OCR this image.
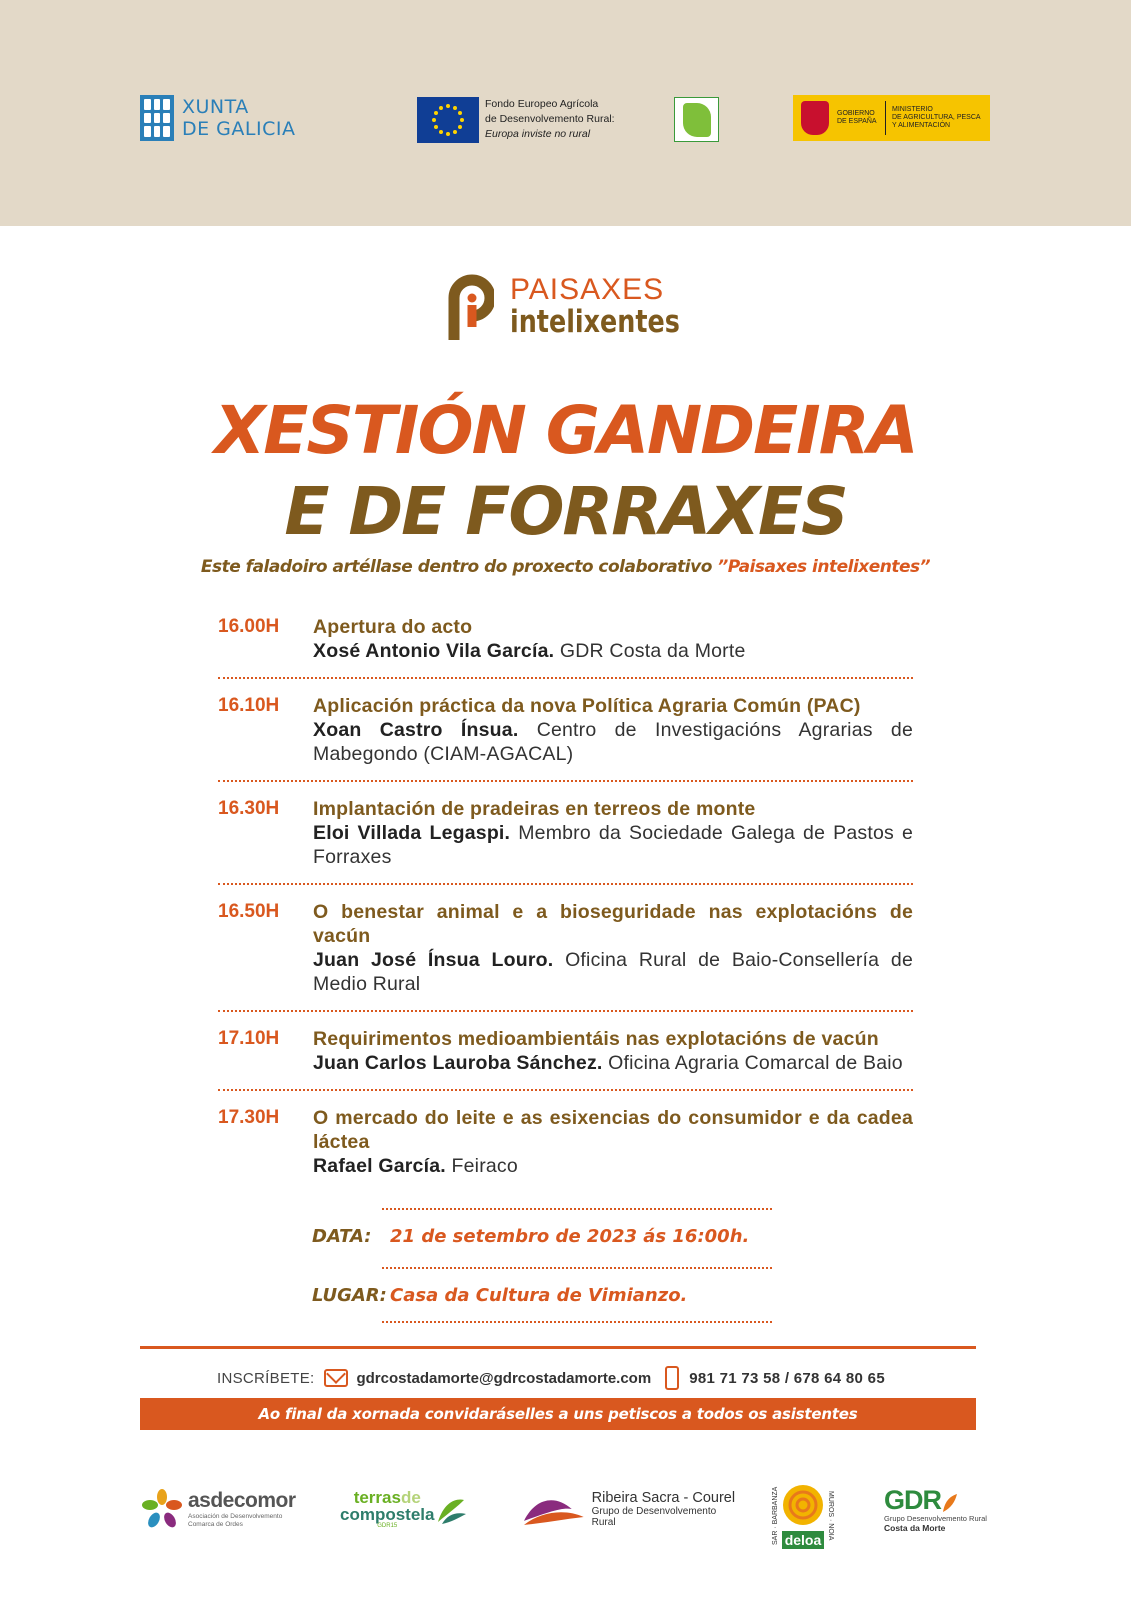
XUNTA
DE GALICIA
Fondo Europeo Agrícola
de Desenvolvemento Rural:
Europa inviste no rural
GOBIERNO
DE ESPAÑA
MINISTERIO
DE AGRICULTURA, PESCA
Y ALIMENTACIÓN
PAISAXES
intelixentes
XESTIÓN GANDEIRA
E DE FORRAXES
Este faladoiro artéllase dentro do proxecto colaborativo ”Paisaxes intelixentes”
16.00H	Apertura do acto
Xosé Antonio Vila García. GDR Costa da Morte
16.10H	Aplicación práctica da nova Política Agraria Común (PAC)
Xoan Castro Ínsua. Centro de Investigacións Agrarias de Mabegondo (CIAM-AGACAL)
16.30H	Implantación de pradeiras en terreos de monte
Eloi Villada Legaspi. Membro da Sociedade Galega de Pastos e Forraxes
16.50H	O benestar animal e a bioseguridade nas explotacións de vacún
Juan José Ínsua Louro. Oficina Rural de Baio-Consellería de Medio Rural
17.10H	Requirimentos medioambientáis nas explotacións de vacún
Juan Carlos Lauroba Sánchez. Oficina Agraria Comarcal de Baio
17.30H	O mercado do leite e as esixencias do consumidor e da cadea láctea
Rafael García. Feiraco
DATA: 21 de setembro de 2023 ás 16:00h.
LUGAR: Casa da Cultura de Vimianzo.
INSCRÍBETE:	gdrcostadamorte@gdrcostadamorte.com	981 71 73 58 / 678 64 80 65
Ao final da xornada convidaráselles a uns petiscos a todos os asistentes
asdecomor
Asociación de Desenvolvemento
Comarca de Ordes
terrasde
compostela
GDR15
Ribeira Sacra - Courel
Grupo de Desenvolvemento Rural	SAR · BARBANZA deloa MUROS · NOIA GDR
Grupo Desenvolvemento Rural
Costa da Morte
